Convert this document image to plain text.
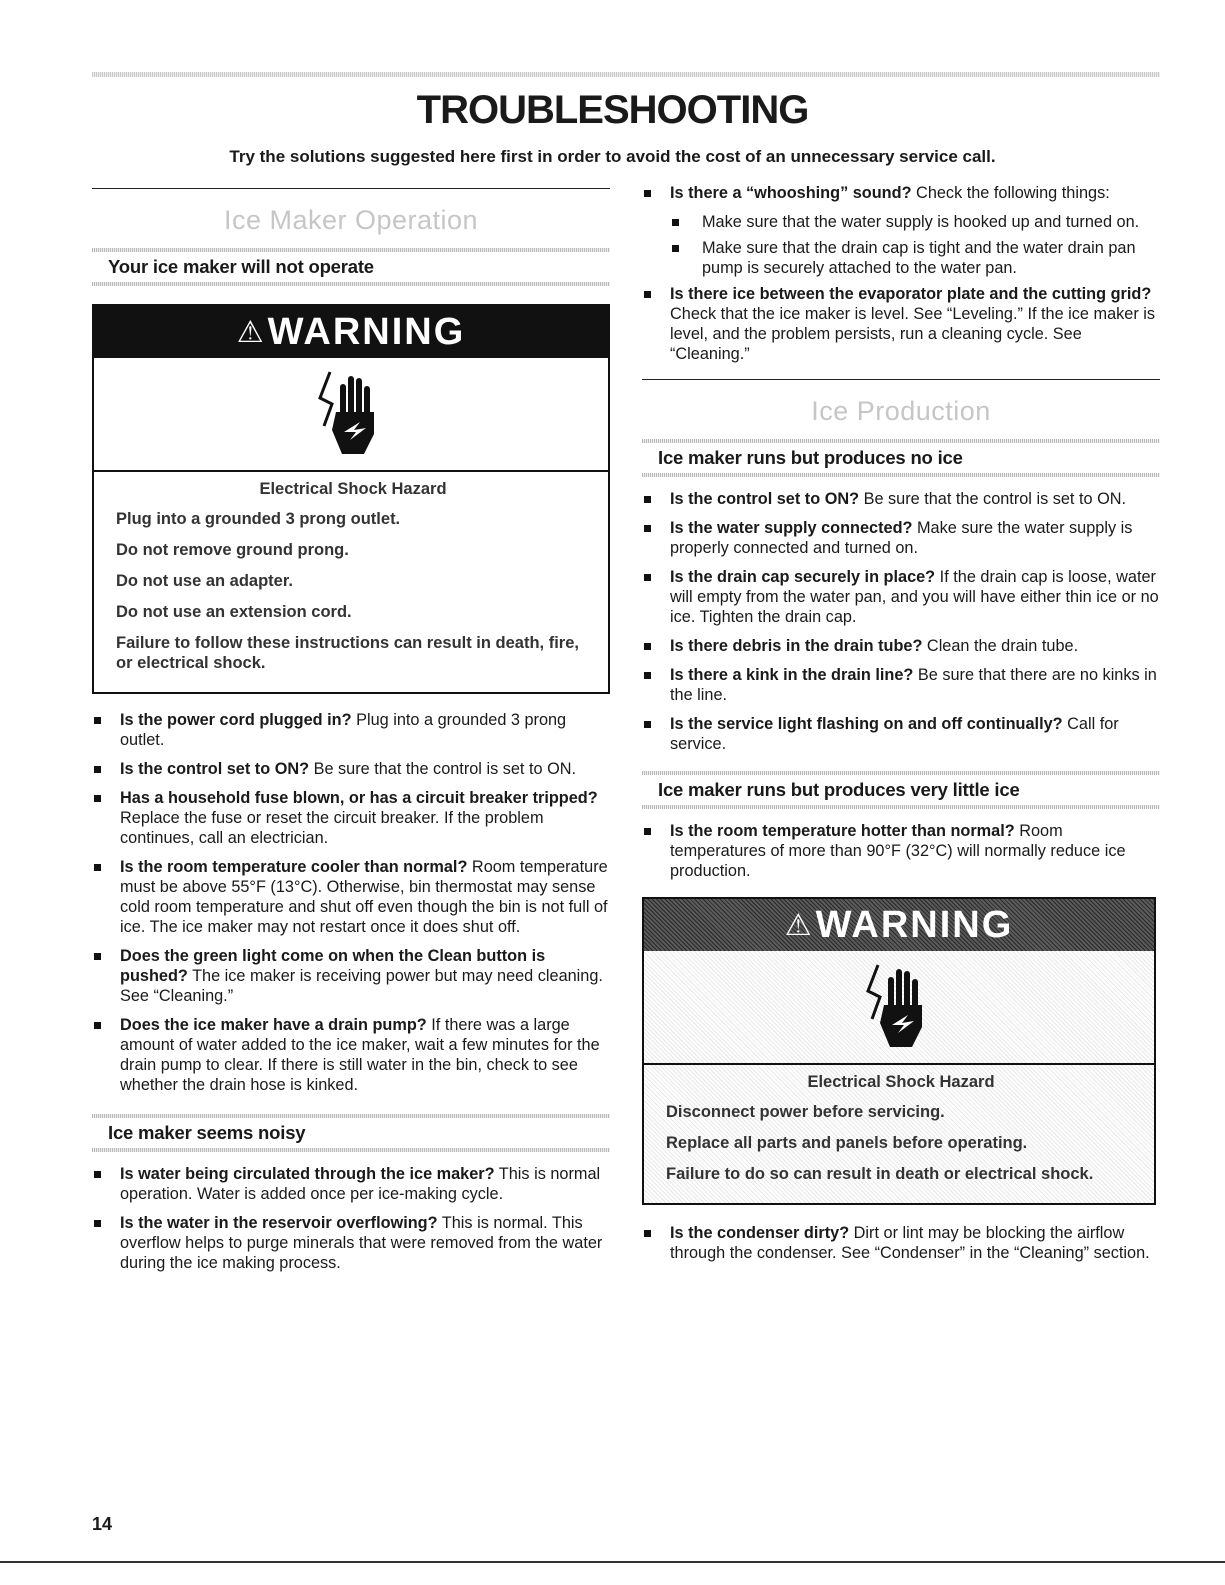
TROUBLESHOOTING

Try the solutions suggested here first in order to avoid the cost of an unnecessary service call.

Ice Maker Operation
Your ice maker will not operate
⚠WARNING
Electrical Shock Hazard

Plug into a grounded 3 prong outlet.

Do not remove ground prong.

Do not use an adapter.

Do not use an extension cord.

Failure to follow these instructions can result in death, fire, or electrical shock.

Is the power cord plugged in? Plug into a grounded 3 prong outlet.
Is the control set to ON? Be sure that the control is set to ON.
Has a household fuse blown, or has a circuit breaker tripped? Replace the fuse or reset the circuit breaker. If the problem continues, call an electrician.
Is the room temperature cooler than normal? Room temperature must be above 55°F (13°C). Otherwise, bin thermostat may sense cold room temperature and shut off even though the bin is not full of ice. The ice maker may not restart once it does shut off.
Does the green light come on when the Clean button is pushed? The ice maker is receiving power but may need cleaning. See “Cleaning.”
Does the ice maker have a drain pump? If there was a large amount of water added to the ice maker, wait a few minutes for the drain pump to clear. If there is still water in the bin, check to see whether the drain hose is kinked.
Ice maker seems noisy
Is water being circulated through the ice maker? This is normal operation. Water is added once per ice-making cycle.
Is the water in the reservoir overflowing? This is normal. This overflow helps to purge minerals that were removed from the water during the ice making process.
Is there a “whooshing” sound? Check the following things:
Make sure that the water supply is hooked up and turned on.
Make sure that the drain cap is tight and the water drain pan pump is securely attached to the water pan.
Is there ice between the evaporator plate and the cutting grid? Check that the ice maker is level. See “Leveling.” If the ice maker is level, and the problem persists, run a cleaning cycle. See “Cleaning.”
Ice Production
Ice maker runs but produces no ice
Is the control set to ON? Be sure that the control is set to ON.
Is the water supply connected? Make sure the water supply is properly connected and turned on.
Is the drain cap securely in place? If the drain cap is loose, water will empty from the water pan, and you will have either thin ice or no ice. Tighten the drain cap.
Is there debris in the drain tube? Clean the drain tube.
Is there a kink in the drain line? Be sure that there are no kinks in the line.
Is the service light flashing on and off continually? Call for service.
Ice maker runs but produces very little ice
Is the room temperature hotter than normal? Room temperatures of more than 90°F (32°C) will normally reduce ice production.
⚠WARNING
Electrical Shock Hazard

Disconnect power before servicing.

Replace all parts and panels before operating.

Failure to do so can result in death or electrical shock.

Is the condenser dirty? Dirt or lint may be blocking the airflow through the condenser. See “Condenser” in the “Cleaning” section.
14
